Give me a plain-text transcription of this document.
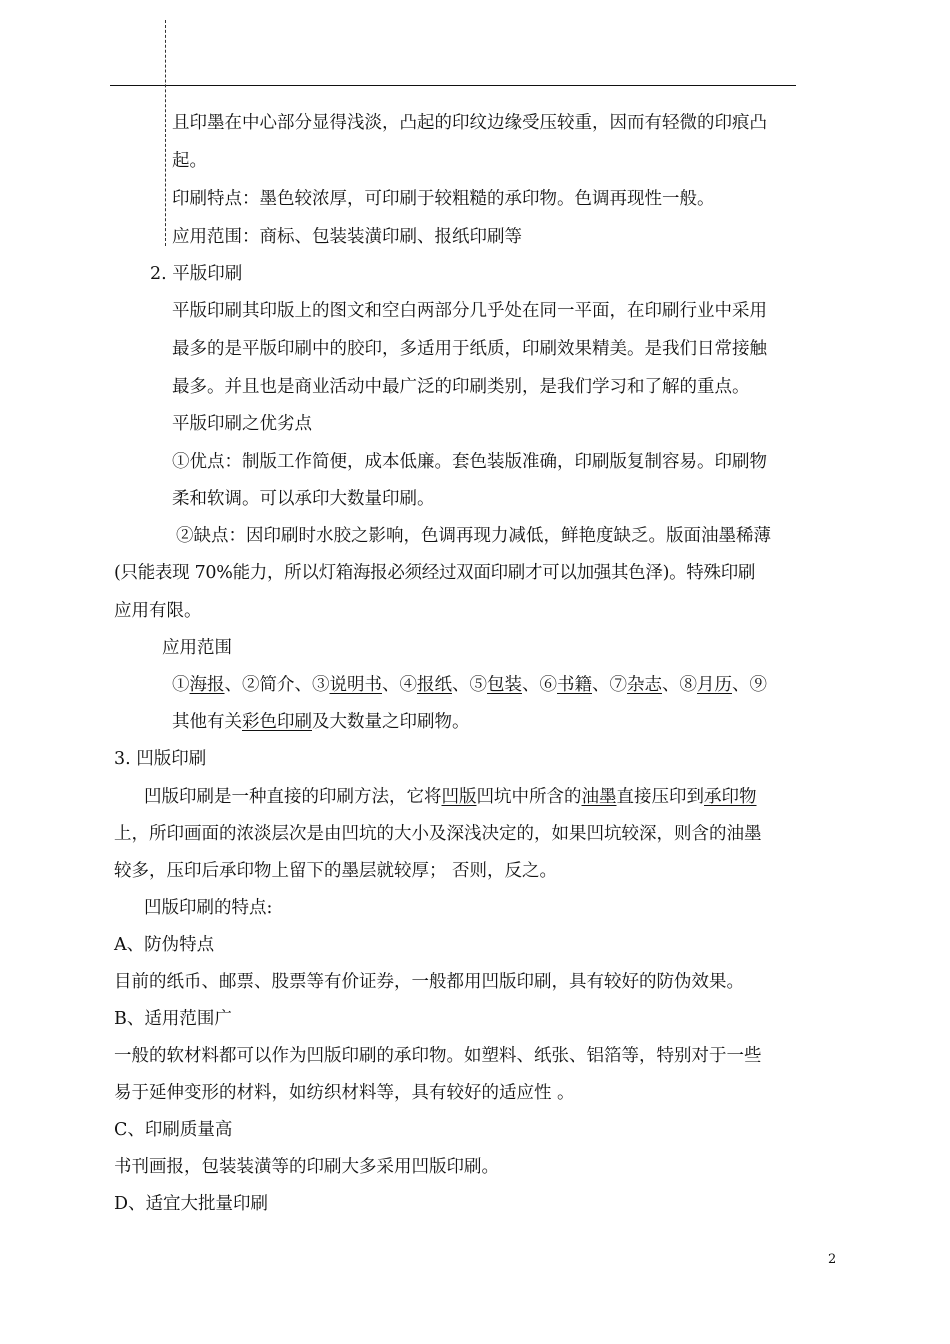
且印墨在中心部分显得浅淡，凸起的印纹边缘受压较重，因而有轻微的印痕凸
起。
印刷特点：墨色较浓厚，可印刷于较粗糙的承印物。色调再现性一般。
应用范围：商标、包装装潢印刷、报纸印刷等
2. 平版印刷
平版印刷其印版上的图文和空白两部分几乎处在同一平面，在印刷行业中采用
最多的是平版印刷中的胶印，多适用于纸质，印刷效果精美。是我们日常接触
最多。并且也是商业活动中最广泛的印刷类别，是我们学习和了解的重点。
平版印刷之优劣点
①优点：制版工作简便，成本低廉。套色装版准确，印刷版复制容易。印刷物
柔和软调。可以承印大数量印刷。
②缺点：因印刷时水胶之影响，色调再现力减低，鲜艳度缺乏。版面油墨稀薄
(只能表现 70%能力，所以灯箱海报必须经过双面印刷才可以加强其色泽)。特殊印刷
应用有限。
应用范围
①海报、②简介、③说明书、④报纸、⑤包装、⑥书籍、⑦杂志、⑧月历、⑨
其他有关彩色印刷及大数量之印刷物。
3. 凹版印刷
凹版印刷是一种直接的印刷方法，它将凹版凹坑中所含的油墨直接压印到承印物
上，所印画面的浓淡层次是由凹坑的大小及深浅决定的，如果凹坑较深，则含的油墨
较多，压印后承印物上留下的墨层就较厚； 否则，反之。
凹版印刷的特点:
A、防伪特点
目前的纸币、邮票、股票等有价证券，一般都用凹版印刷，具有较好的防伪效果。
B、适用范围广
一般的软材料都可以作为凹版印刷的承印物。如塑料、纸张、铝箔等，特别对于一些
易于延伸变形的材料，如纺织材料等，具有较好的适应性 。
C、印刷质量高
书刊画报，包装装潢等的印刷大多采用凹版印刷。
D、适宜大批量印刷
2
